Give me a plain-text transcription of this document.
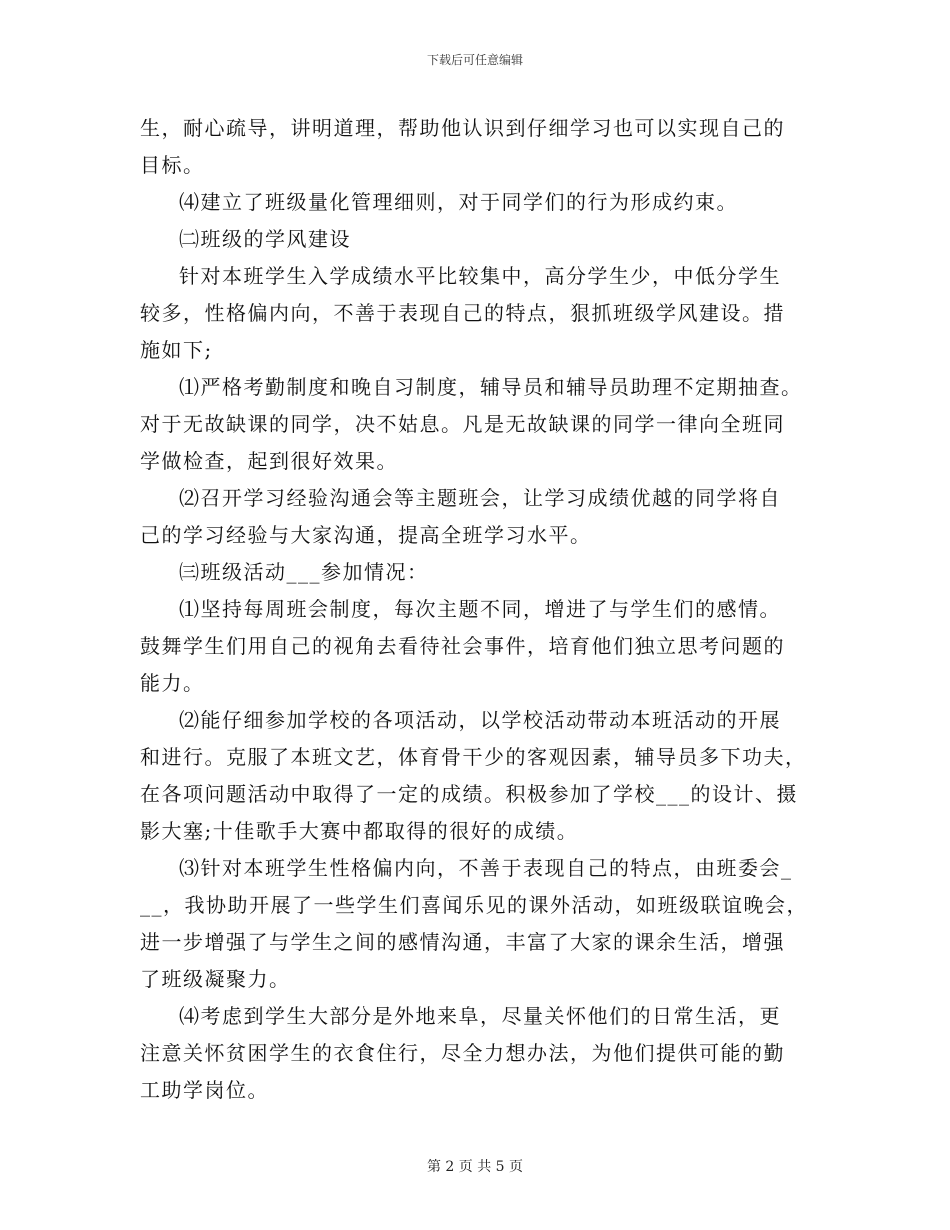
下载后可任意编辑

生，耐心疏导，讲明道理，帮助他认识到仔细学习也可以实现自己的

目标。

⑷建立了班级量化管理细则，对于同学们的行为形成约束。

㈡班级的学风建设

针对本班学生入学成绩水平比较集中，高分学生少，中低分学生

较多，性格偏内向，不善于表现自己的特点，狠抓班级学风建设。措

施如下;

⑴严格考勤制度和晚自习制度，辅导员和辅导员助理不定期抽查。

对于无故缺课的同学，决不姑息。凡是无故缺课的同学一律向全班同

学做检查，起到很好效果。

⑵召开学习经验沟通会等主题班会，让学习成绩优越的同学将自

己的学习经验与大家沟通，提高全班学习水平。

㈢班级活动___参加情况：

⑴坚持每周班会制度，每次主题不同，增进了与学生们的感情。

鼓舞学生们用自己的视角去看待社会事件，培育他们独立思考问题的

能力。

⑵能仔细参加学校的各项活动，以学校活动带动本班活动的开展

和进行。克服了本班文艺，体育骨干少的客观因素，辅导员多下功夫，

在各项问题活动中取得了一定的成绩。积极参加了学校___的设计、摄

影大塞;十佳歌手大赛中都取得的很好的成绩。

⑶针对本班学生性格偏内向，不善于表现自己的特点，由班委会_

__，我协助开展了一些学生们喜闻乐见的课外活动，如班级联谊晚会，

进一步增强了与学生之间的感情沟通，丰富了大家的课余生活，增强

了班级凝聚力。

⑷考虑到学生大部分是外地来阜，尽量关怀他们的日常生活，更

注意关怀贫困学生的衣食住行，尽全力想办法，为他们提供可能的勤

工助学岗位。

第 2 页 共 5 页
